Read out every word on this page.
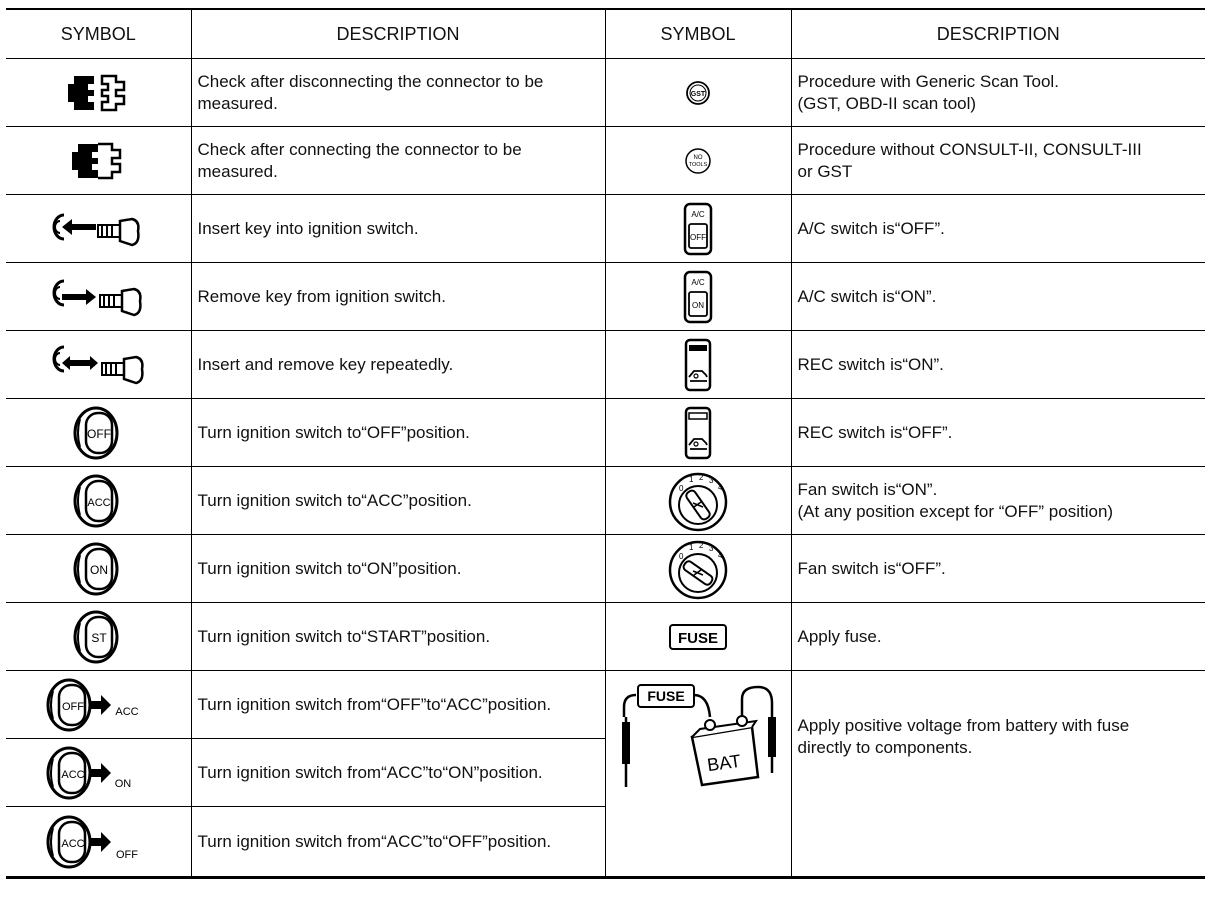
SYMBOL	DESCRIPTION	SYMBOL	DESCRIPTION

	Check after disconnecting the connector to be
measured.	GST	Procedure with Generic Scan Tool.
(GST, OBD-II scan tool)

	Check after connecting the connector to be
measured.	NO
TOOLS	Procedure without CONSULT-II, CONSULT-III
or GST

	Insert key into ignition switch.	A/C
OFF	A/C switch is“OFF”.

	Remove key from ignition switch.	A/C
ON	A/C switch is“ON”.

	Insert and remove key repeatedly.		REC switch is“ON”.

OFF	Turn ignition switch to“OFF”position.		REC switch is“OFF”.

ACC	Turn ignition switch to“ACC”position.	0
1 2 3
4	Fan switch is“ON”.
(At any position except for “OFF” position)

ON	Turn ignition switch to“ON”position.	0
1 2 3
4	Fan switch is“OFF”.

ST	Turn ignition switch to“START”position.	FUSE	Apply fuse.

OFF ACC	Turn ignition switch from“OFF”to“ACC”position.	FUSE
BAT	Apply positive voltage from battery with fuse
directly to components.

ACC
ON	Turn ignition switch from“ACC”to“ON”position.		

ACC
OFF	Turn ignition switch from“ACC”to“OFF”position.		
